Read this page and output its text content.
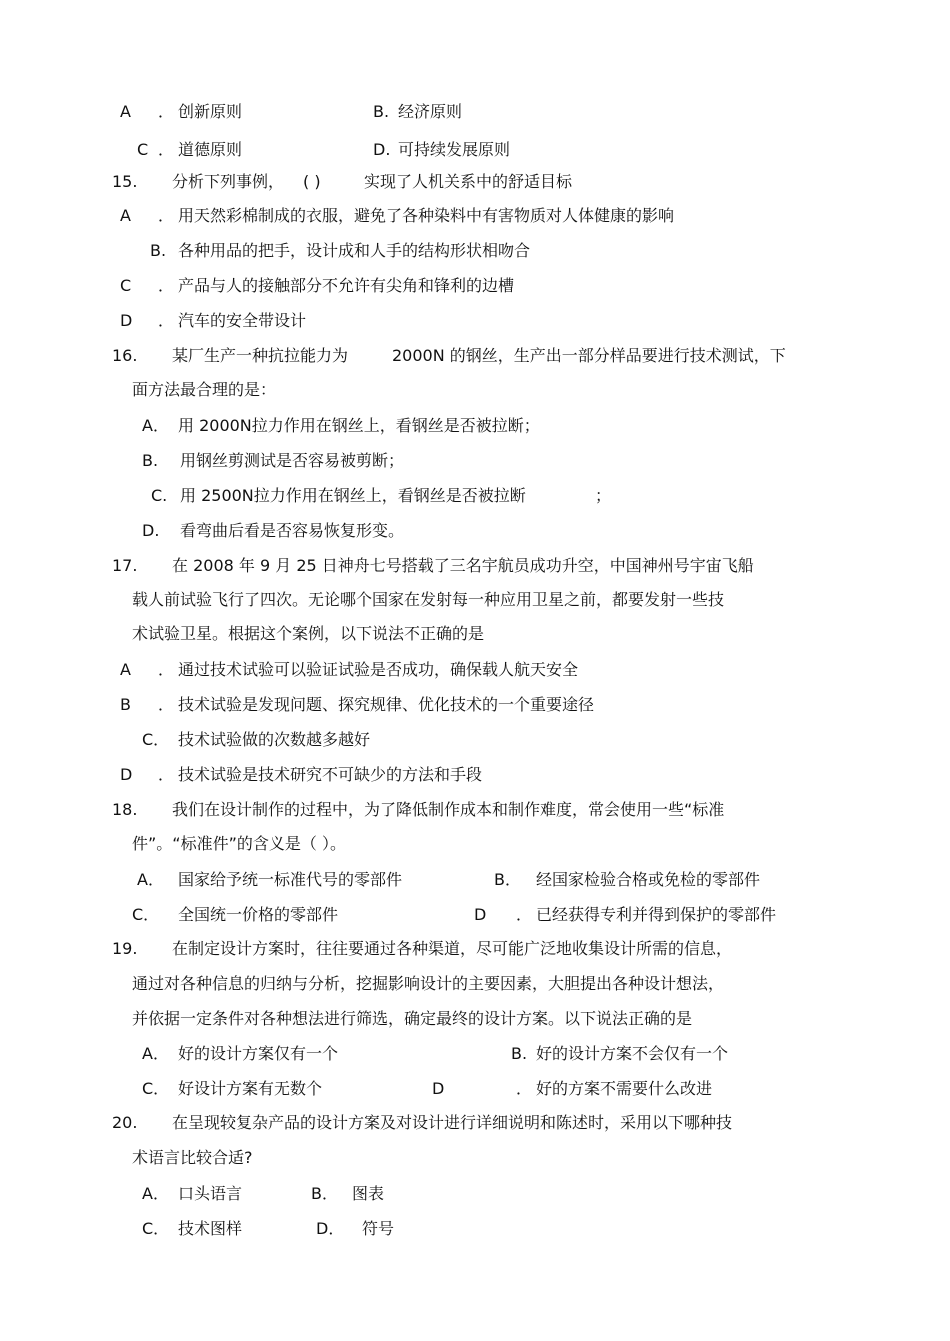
A ． 创新原则	B. 经济原则
C ． 道德原则	D. 可持续发展原则
15. 分析下列事例， ( )	实现了人机关系中的舒适目标
A ． 用天然彩棉制成的衣服，避免了各种染料中有害物质对人体健康的影响
B. 各种用品的把手，设计成和人手的结构形状相吻合
C ． 产品与人的接触部分不允许有尖角和锋利的边槽
D ． 汽车的安全带设计
16. 某厂生产一种抗拉能力为	2000N 的钢丝，生产出一部分样品要进行技术测试，下
面方法最合理的是：
A． 用 2000N拉力作用在钢丝上，看钢丝是否被拉断；
B. 用钢丝剪测试是否容易被剪断；
C. 用 2500N拉力作用在钢丝上，看钢丝是否被拉断	；
D. 看弯曲后看是否容易恢复形变。
17. 在 2008 年 9 月 25 日神舟七号搭载了三名宇航员成功升空，中国神州号宇宙飞船
载人前试验飞行了四次。无论哪个国家在发射每一种应用卫星之前，都要发射一些技
术试验卫星。根据这个案例，以下说法不正确的是
A ． 通过技术试验可以验证试验是否成功，确保载人航天安全
B ． 技术试验是发现问题、探究规律、优化技术的一个重要途径
C． 技术试验做的次数越多越好
D ． 技术试验是技术研究不可缺少的方法和手段
18. 我们在设计制作的过程中，为了降低制作成本和制作难度，常会使用一些“标准
件”。“标准件”的含义是（ ）。
A． 国家给予统一标准代号的零部件	B． 经国家检验合格或免检的零部件
C． 全国统一价格的零部件	D ． 已经获得专利并得到保护的零部件
19. 在制定设计方案时，往往要通过各种渠道，尽可能广泛地收集设计所需的信息，
通过对各种信息的归纳与分析，挖掘影响设计的主要因素，大胆提出各种设计想法，
并依据一定条件对各种想法进行筛选，确定最终的设计方案。以下说法正确的是
A． 好的设计方案仅有一个	B. 好的设计方案不会仅有一个
C． 好设计方案有无数个	D	． 好的方案不需要什么改进
20. 在呈现较复杂产品的设计方案及对设计进行详细说明和陈述时，采用以下哪种技
术语言比较合适?
A． 口头语言	B． 图表
C． 技术图样	D． 符号
